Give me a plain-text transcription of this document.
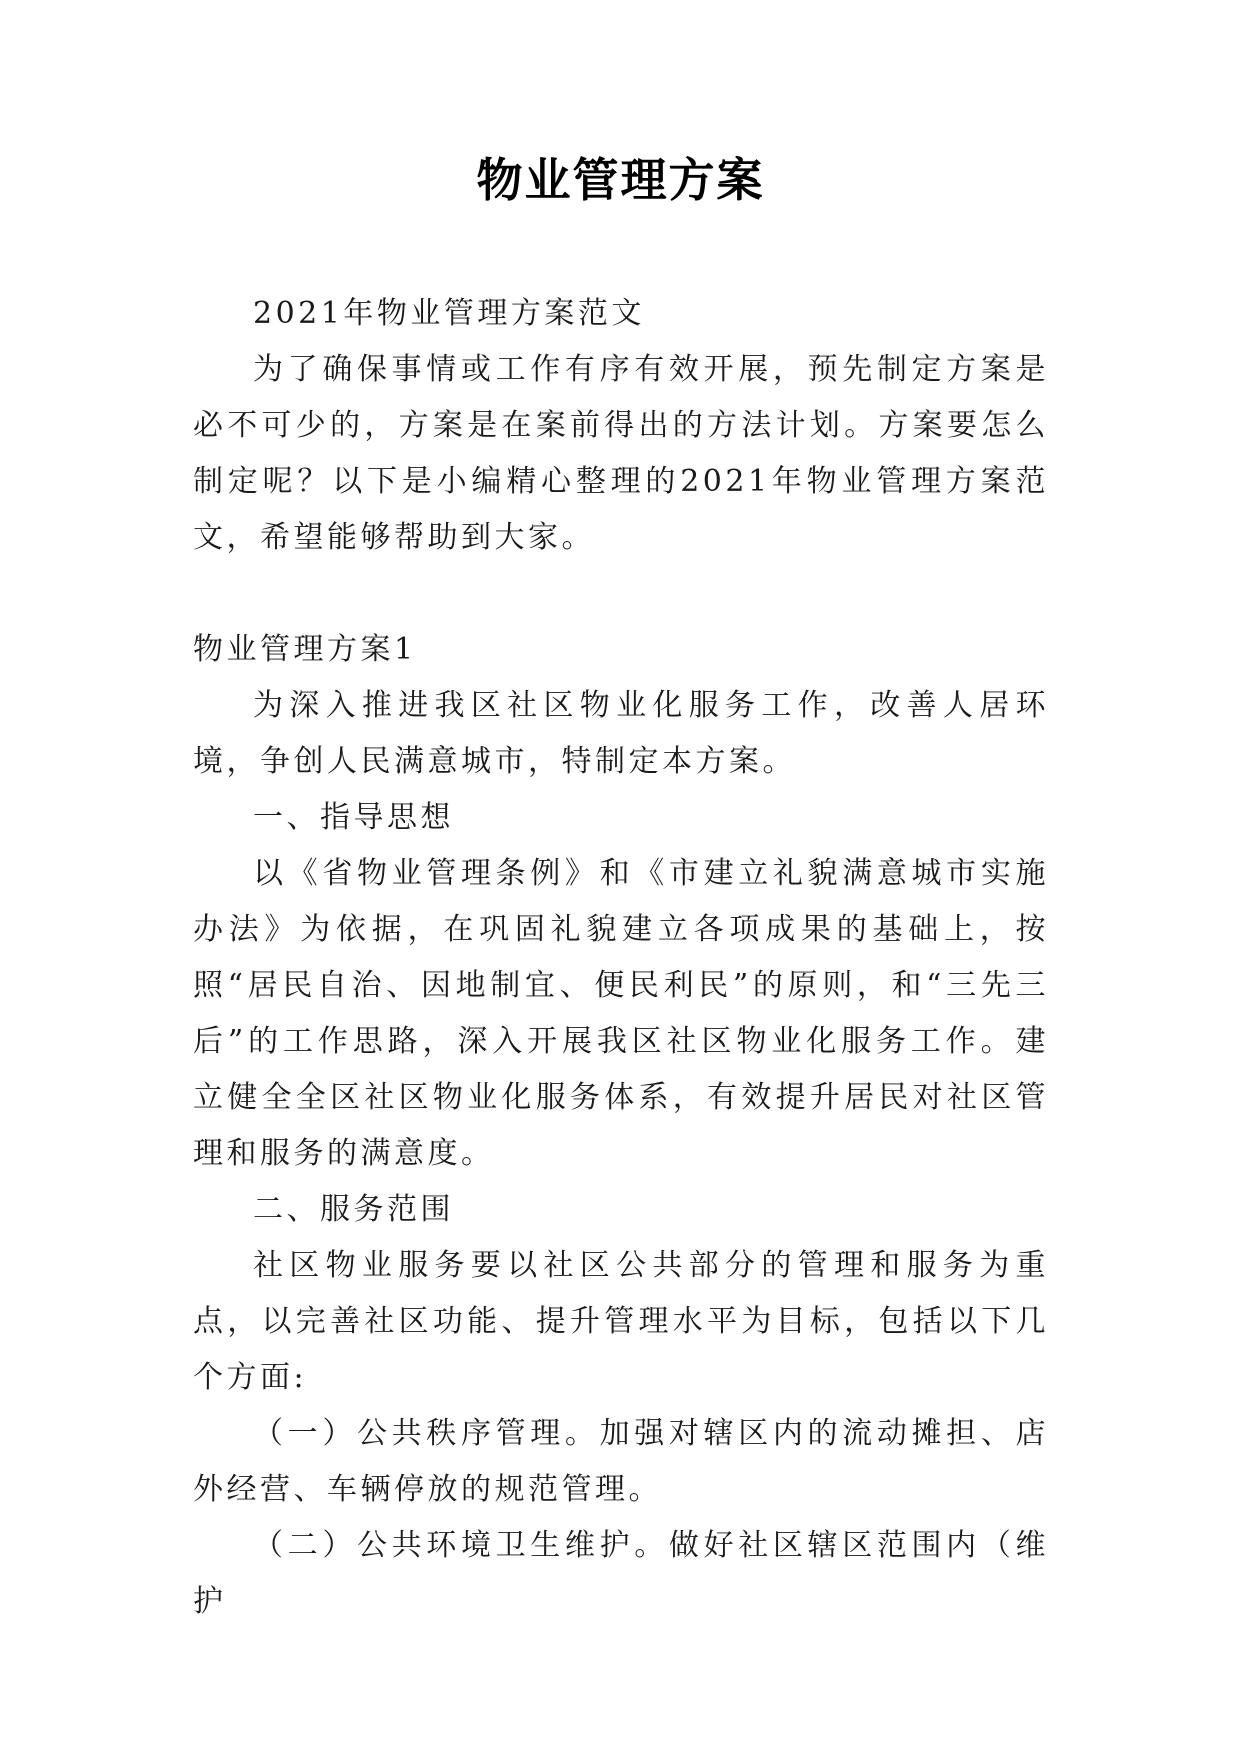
物业管理方案

2021年物业管理方案范文

为了确保事情或工作有序有效开展，预先制定方案是必不可少的，方案是在案前得出的方法计划。方案要怎么制定呢？以下是小编精心整理的2021年物业管理方案范文，希望能够帮助到大家。

物业管理方案1

为深入推进我区社区物业化服务工作，改善人居环境，争创人民满意城市，特制定本方案。

一、指导思想

以《省物业管理条例》和《市建立礼貌满意城市实施办法》为依据，在巩固礼貌建立各项成果的基础上，按照“居民自治、因地制宜、便民利民”的原则，和“三先三后”的工作思路，深入开展我区社区物业化服务工作。建立健全全区社区物业化服务体系，有效提升居民对社区管理和服务的满意度。

二、服务范围

社区物业服务要以社区公共部分的管理和服务为重点，以完善社区功能、提升管理水平为目标，包括以下几个方面:

（一）公共秩序管理。加强对辖区内的流动摊担、店外经营、车辆停放的规范管理。

（二）公共环境卫生维护。做好社区辖区范围内（维护
